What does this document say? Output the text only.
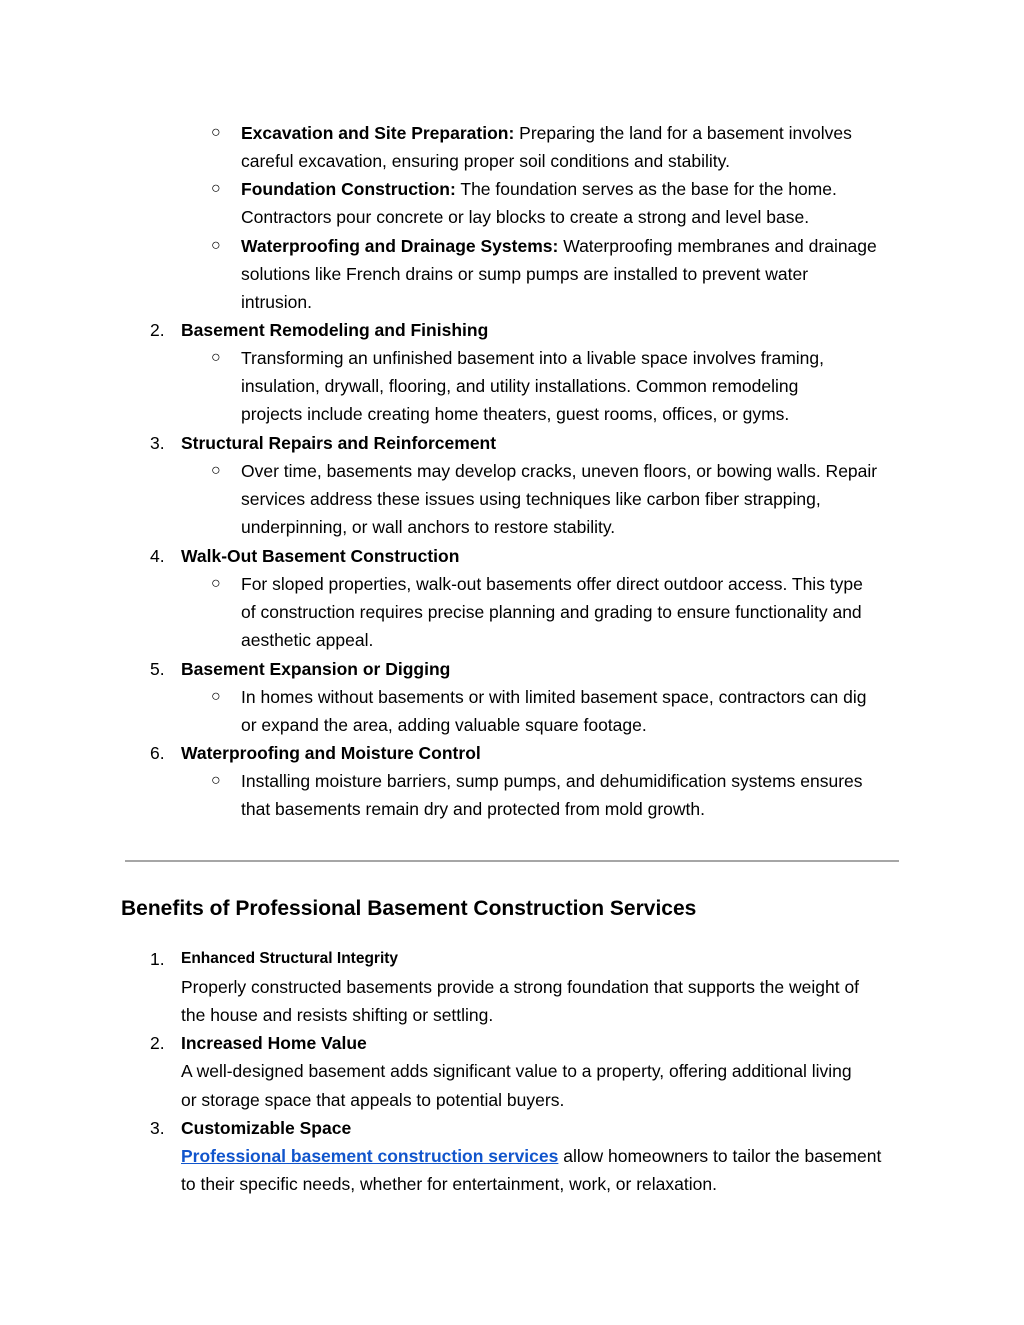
○ Excavation and Site Preparation: Preparing the land for a basement involves
careful excavation, ensuring proper soil conditions and stability.
○ Foundation Construction: The foundation serves as the base for the home.
Contractors pour concrete or lay blocks to create a strong and level base.
○ Waterproofing and Drainage Systems: Waterproofing membranes and drainage
solutions like French drains or sump pumps are installed to prevent water
intrusion.
2. Basement Remodeling and Finishing
○ Transforming an unfinished basement into a livable space involves framing,
insulation, drywall, flooring, and utility installations. Common remodeling
projects include creating home theaters, guest rooms, offices, or gyms.
3. Structural Repairs and Reinforcement
○ Over time, basements may develop cracks, uneven floors, or bowing walls. Repair
services address these issues using techniques like carbon fiber strapping,
underpinning, or wall anchors to restore stability.
4. Walk-Out Basement Construction
○ For sloped properties, walk-out basements offer direct outdoor access. This type
of construction requires precise planning and grading to ensure functionality and
aesthetic appeal.
5. Basement Expansion or Digging
○ In homes without basements or with limited basement space, contractors can dig
or expand the area, adding valuable square footage.
6. Waterproofing and Moisture Control
○ Installing moisture barriers, sump pumps, and dehumidification systems ensures
that basements remain dry and protected from mold growth.
Benefits of Professional Basement Construction Services
1. Enhanced Structural Integrity
Properly constructed basements provide a strong foundation that supports the weight of
the house and resists shifting or settling.
2. Increased Home Value
A well-designed basement adds significant value to a property, offering additional living
or storage space that appeals to potential buyers.
3. Customizable Space
Professional basement construction services allow homeowners to tailor the basement
to their specific needs, whether for entertainment, work, or relaxation.
